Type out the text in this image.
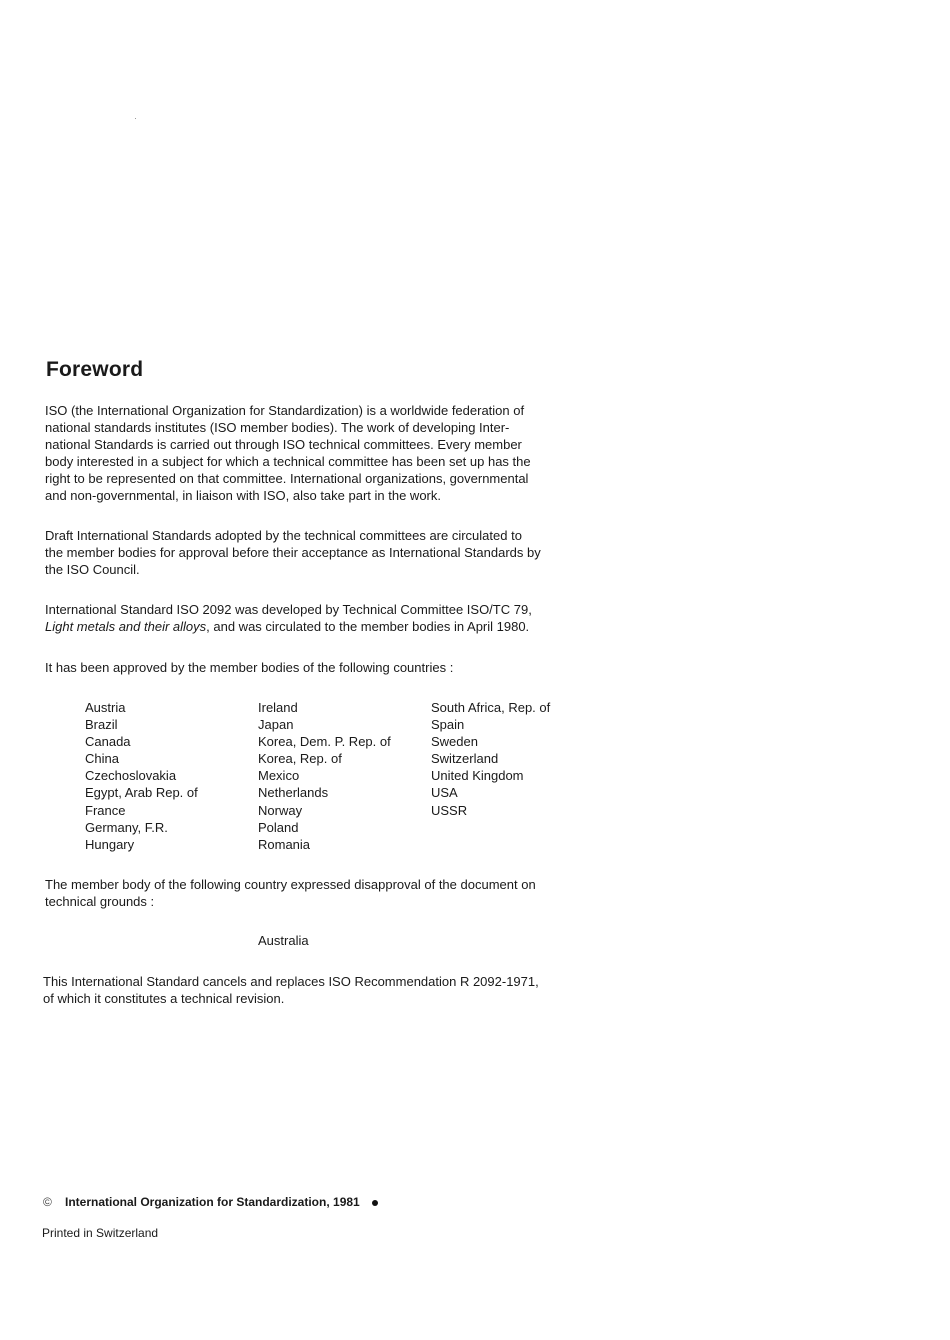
Foreword

ISO (the International Organization for Standardization) is a worldwide federation of
national standards institutes (ISO member bodies). The work of developing Inter-
national Standards is carried out through ISO technical committees. Every member
body interested in a subject for which a technical committee has been set up has the
right to be represented on that committee. International organizations, governmental
and non-governmental, in liaison with ISO, also take part in the work.

Draft International Standards adopted by the technical committees are circulated to
the member bodies for approval before their acceptance as International Standards by
the ISO Council.

International Standard ISO 2092 was developed by Technical Committee ISO/TC 79,
Light metals and their alloys, and was circulated to the member bodies in April 1980.

It has been approved by the member bodies of the following countries :

Austria
Brazil
Canada
China
Czechoslovakia
Egypt, Arab Rep. of
France
Germany, F.R.
Hungary
Ireland
Japan
Korea, Dem. P. Rep. of
Korea, Rep. of
Mexico
Netherlands
Norway
Poland
Romania
South Africa, Rep. of
Spain
Sweden
Switzerland
United Kingdom
USA
USSR

The member body of the following country expressed disapproval of the document on
technical grounds :

Australia

This International Standard cancels and replaces ISO Recommendation R 2092-1971,
of which it constitutes a technical revision.

© International Organization for Standardization, 1981
Printed in Switzerland
